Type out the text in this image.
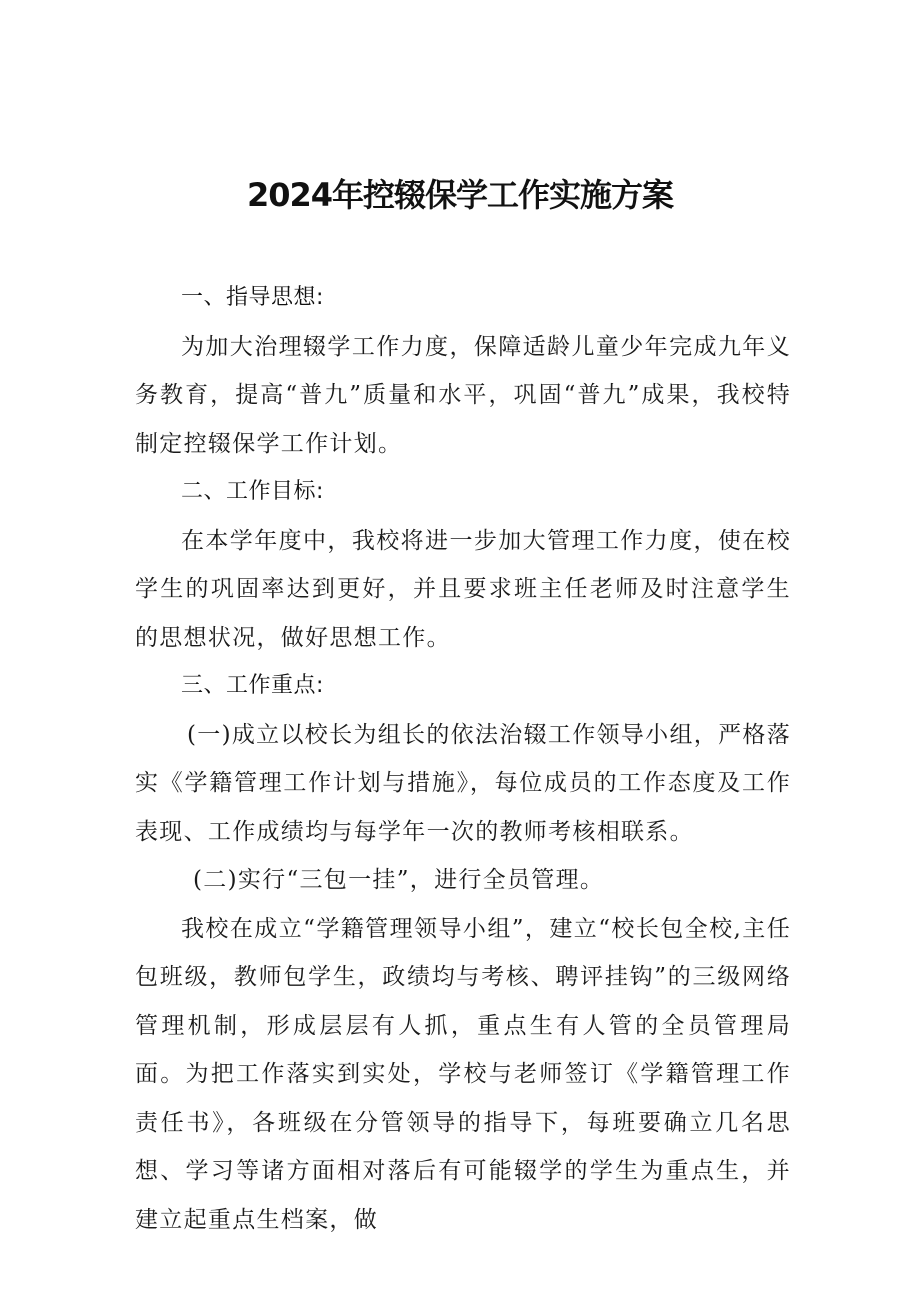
2024年控辍保学工作实施方案

一、指导思想:

为加大治理辍学工作力度，保障适龄儿童少年完成九年义务教育，提高“普九”质量和水平，巩固“普九”成果，我校特制定控辍保学工作计划。

二、工作目标:

在本学年度中，我校将进一步加大管理工作力度，使在校学生的巩固率达到更好，并且要求班主任老师及时注意学生的思想状况，做好思想工作。

三、工作重点:

(一)成立以校长为组长的依法治辍工作领导小组，严格落实《学籍管理工作计划与措施》，每位成员的工作态度及工作表现、工作成绩均与每学年一次的教师考核相联系。

(二)实行“三包一挂”，进行全员管理。

我校在成立“学籍管理领导小组”，建立“校长包全校,主任包班级，教师包学生，政绩均与考核、聘评挂钩”的三级网络管理机制，形成层层有人抓，重点生有人管的全员管理局面。为把工作落实到实处，学校与老师签订《学籍管理工作责任书》，各班级在分管领导的指导下，每班要确立几名思想、学习等诸方面相对落后有可能辍学的学生为重点生，并建立起重点生档案，做
